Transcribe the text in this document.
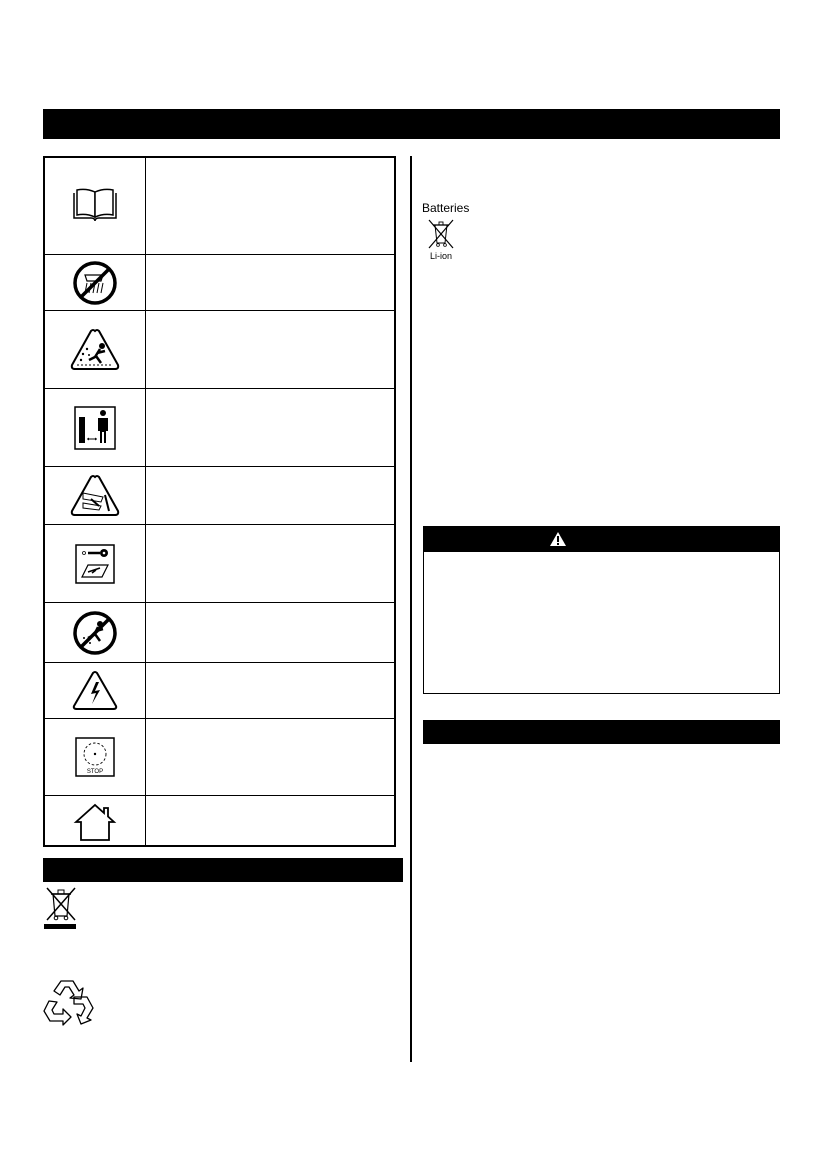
STOP
Batteries
Li-ion
